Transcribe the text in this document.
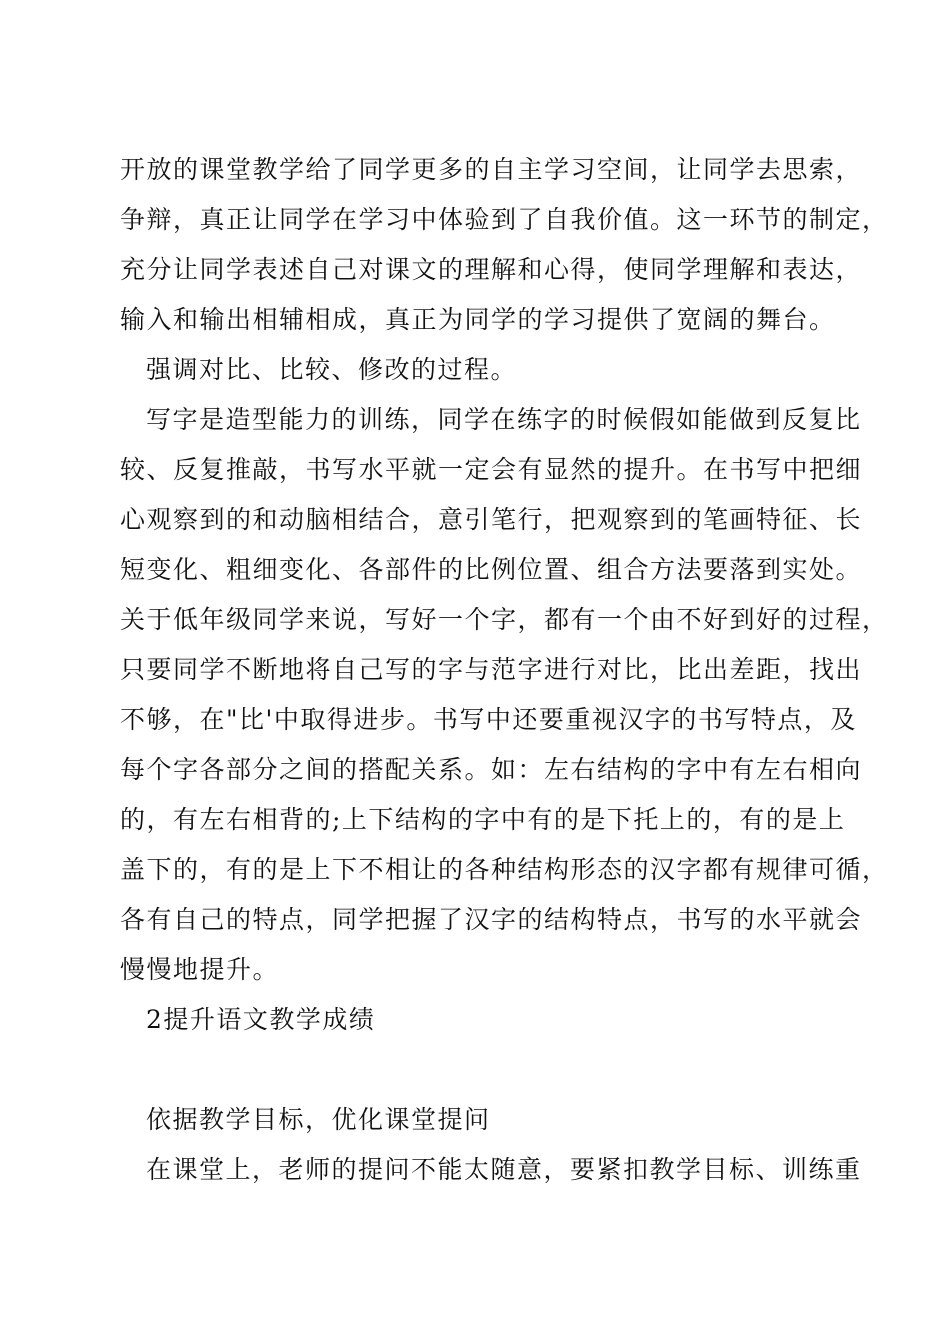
开放的课堂教学给了同学更多的自主学习空间，让同学去思索，
争辩，真正让同学在学习中体验到了自我价值。这一环节的制定，
充分让同学表述自己对课文的理解和心得，使同学理解和表达，
输入和输出相辅相成，真正为同学的学习提供了宽阔的舞台。
强调对比、比较、修改的过程。
写字是造型能力的训练，同学在练字的时候假如能做到反复比
较、反复推敲，书写水平就一定会有显然的提升。在书写中把细
心观察到的和动脑相结合，意引笔行，把观察到的笔画特征、长
短变化、粗细变化、各部件的比例位置、组合方法要落到实处。
关于低年级同学来说，写好一个字，都有一个由不好到好的过程，
只要同学不断地将自己写的字与范字进行对比，比出差距，找出
不够，在"比'中取得进步。书写中还要重视汉字的书写特点，及
每个字各部分之间的搭配关系。如：左右结构的字中有左右相向
的，有左右相背的;上下结构的字中有的是下托上的，有的是上
盖下的，有的是上下不相让的各种结构形态的汉字都有规律可循，
各有自己的特点，同学把握了汉字的结构特点，书写的水平就会
慢慢地提升。
2提升语文教学成绩
依据教学目标，优化课堂提问
在课堂上，老师的提问不能太随意，要紧扣教学目标、训练重
